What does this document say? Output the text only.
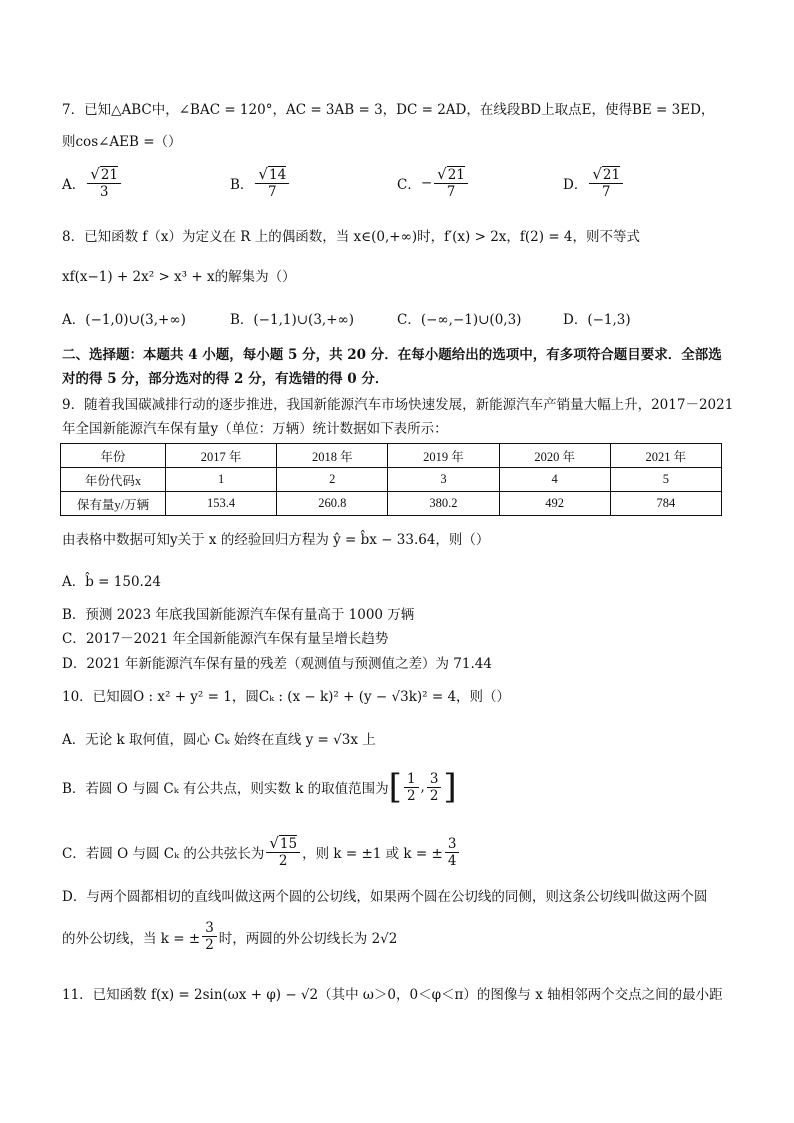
7．已知△ABC中，∠BAC = 120°，AC = 3AB = 3，DC = 2AD，在线段BD上取点E，使得BE = 3ED，
则cos∠AEB =（）
A． $\frac{√21}{3}$	B． $\frac{√14}{7}$	C． − $\frac{√21}{7}$	D． $\frac{√21}{7}$
8．已知函数 f（x）为定义在 R 上的偶函数，当 x∈(0,+∞)时，f′(x) > 2x，f(2) = 4，则不等式
xf(x−1) + 2x² > x³ + x的解集为（）
A．(−1,0)∪(3,+∞)	B．(−1,1)∪(3,+∞)	C．(−∞,−1)∪(0,3)	D．(−1,3)
二、选择题：本题共 4 小题，每小题 5 分，共 20 分．在每小题给出的选项中，有多项符合题目要求．全部选
对的得 5 分，部分选对的得 2 分，有选错的得 0 分．
9．随着我国碳减排行动的逐步推进，我国新能源汽车市场快速发展，新能源汽车产销量大幅上升，2017－2021
年全国新能源汽车保有量y（单位：万辆）统计数据如下表所示：
年份	2017 年	2018 年	2019 年	2020 年	2021 年
年份代码x	1	2	3	4	5
保有量y/万辆	153.4	260.8	380.2	492	784
由表格中数据可知y关于 x 的经验回归方程为 ŷ = b̂x − 33.64，则（）
A．b̂ = 150.24
B．预测 2023 年底我国新能源汽车保有量高于 1000 万辆
C．2017－2021 年全国新能源汽车保有量呈增长趋势
D．2021 年新能源汽车保有量的残差（观测值与预测值之差）为 71.44
10．已知圆O : x² + y² = 1，圆Cₖ : (x − k)² + (y − √3k)² = 4，则（）
A．无论 k 取何值，圆心 Cₖ 始终在直线 y = √3x 上
B．若圆 O 与圆 Cₖ 有公共点，则实数 k 的取值范围为 [ $\frac{1}{2}$ , $\frac{3}{2}$ ]
C．若圆 O 与圆 Cₖ 的公共弦长为 $\frac{√15}{2}$ ，则 k = ±1 或 k = ± $\frac{3}{4}$
D．与两个圆都相切的直线叫做这两个圆的公切线，如果两个圆在公切线的同侧，则这条公切线叫做这两个圆
的外公切线，当 k = ± $\frac{3}{2}$ 时，两圆的外公切线长为 2√2
11．已知函数 f(x) = 2sin(ωx + φ) − √2（其中 ω＞0，0＜φ＜π）的图像与 x 轴相邻两个交点之间的最小距
